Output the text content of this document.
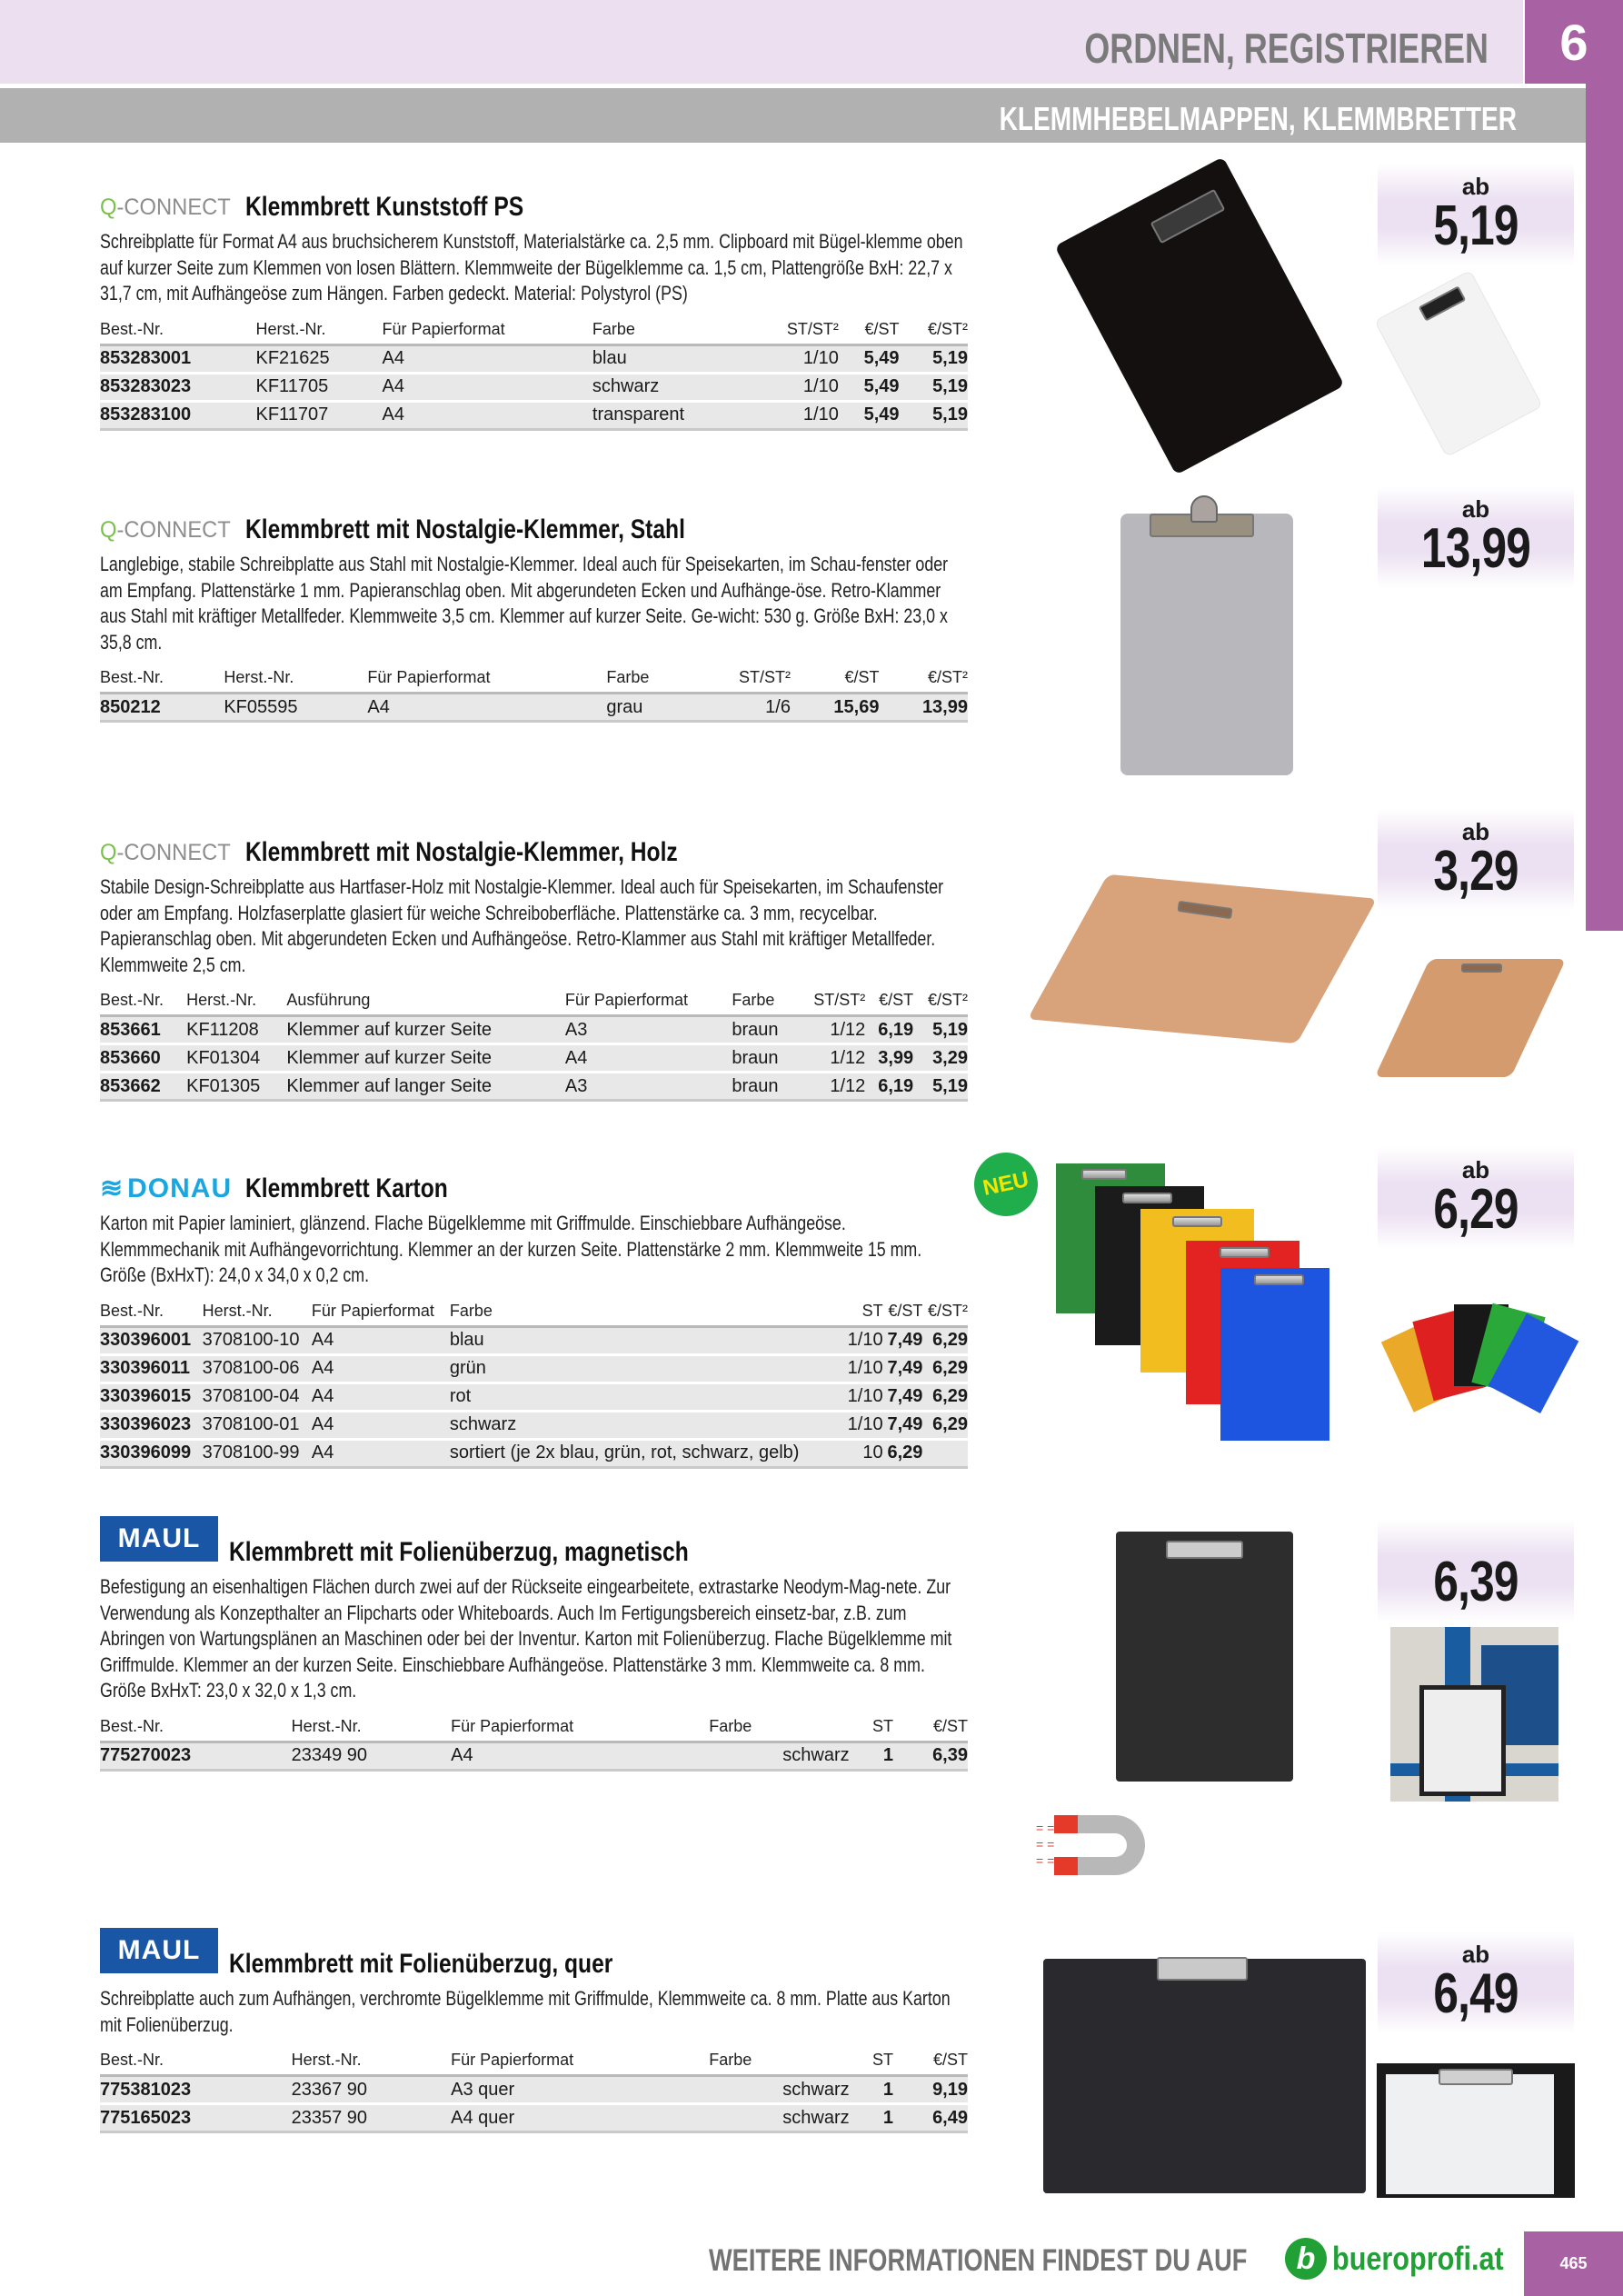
ORDNEN, REGISTRIEREN	6
KLEMMHEBELMAPPEN, KLEMMBRETTER
Q-CONNECT Klemmbrett Kunststoff PS

Schreibplatte für Format A4 aus bruchsicherem Kunststoff, Materialstärke ca. 2,5 mm. Clipboard mit Bügel-klemme oben auf kurzer Seite zum Klemmen von losen Blättern. Klemmweite der Bügelklemme ca. 1,5 cm, Plattengröße BxH: 22,7 x 31,7 cm, mit Aufhängeöse zum Hängen. Farben gedeckt. Material: Polystyrol (PS)

Best.-Nr.	Herst.-Nr.	Für Papierformat	Farbe	ST/ST²	€/ST	€/ST²
853283001	KF21625	A4	blau	1/10	5,49	5,19
853283023	KF11705	A4	schwarz	1/10	5,49	5,19
853283100	KF11707	A4	transparent	1/10	5,49	5,19
Q-CONNECT Klemmbrett mit Nostalgie-Klemmer, Stahl

Langlebige, stabile Schreibplatte aus Stahl mit Nostalgie-Klemmer. Ideal auch für Speisekarten, im Schau-fenster oder am Empfang. Plattenstärke 1 mm. Papieranschlag oben. Mit abgerundeten Ecken und Aufhänge-öse. Retro-Klammer aus Stahl mit kräftiger Metallfeder. Klemmweite 3,5 cm. Klemmer auf kurzer Seite. Ge-wicht: 530 g. Größe BxH: 23,0 x 35,8 cm.

Best.-Nr.	Herst.-Nr.	Für Papierformat	Farbe	ST/ST²	€/ST	€/ST²
850212	KF05595	A4	grau	1/6	15,69	13,99
Q-CONNECT Klemmbrett mit Nostalgie-Klemmer, Holz

Stabile Design-Schreibplatte aus Hartfaser-Holz mit Nostalgie-Klemmer. Ideal auch für Speisekarten, im Schaufenster oder am Empfang. Holzfaserplatte glasiert für weiche Schreiboberfläche. Plattenstärke ca. 3 mm, recycelbar. Papieranschlag oben. Mit abgerundeten Ecken und Aufhängeöse. Retro-Klammer aus Stahl mit kräftiger Metallfeder. Klemmweite 2,5 cm.

Best.-Nr.	Herst.-Nr.	Ausführung	Für Papierformat	Farbe	ST/ST²	€/ST	€/ST²
853661	KF11208	Klemmer auf kurzer Seite	A3	braun	1/12	6,19	5,19
853660	KF01304	Klemmer auf kurzer Seite	A4	braun	1/12	3,99	3,29
853662	KF01305	Klemmer auf langer Seite	A3	braun	1/12	6,19	5,19
≋ DONAU Klemmbrett Karton

Karton mit Papier laminiert, glänzend. Flache Bügelklemme mit Griffmulde. Einschiebbare Aufhängeöse. Klemmmechanik mit Aufhängevorrichtung. Klemmer an der kurzen Seite. Plattenstärke 2 mm. Klemmweite 15 mm. Größe (BxHxT): 24,0 x 34,0 x 0,2 cm.

Best.-Nr.	Herst.-Nr.	Für Papierformat	Farbe	ST	€/ST	€/ST²
330396001	3708100-10	A4	blau	1/10	7,49	6,29
330396011	3708100-06	A4	grün	1/10	7,49	6,29
330396015	3708100-04	A4	rot	1/10	7,49	6,29
330396023	3708100-01	A4	schwarz	1/10	7,49	6,29
330396099	3708100-99	A4	sortiert (je 2x blau, grün, rot, schwarz, gelb)	10	6,29	
MAUL	Klemmbrett mit Folienüberzug, magnetisch

Befestigung an eisenhaltigen Flächen durch zwei auf der Rückseite eingearbeitete, extrastarke Neodym-Mag-nete. Zur Verwendung als Konzepthalter an Flipcharts oder Whiteboards. Auch Im Fertigungsbereich einsetz-bar, z.B. zum Abringen von Wartungsplänen an Maschinen oder bei der Inventur. Karton mit Folienüberzug. Flache Bügelklemme mit Griffmulde. Klemmer an der kurzen Seite. Einschiebbare Aufhängeöse. Plattenstärke 3 mm. Klemmweite ca. 8 mm. Größe BxHxT: 23,0 x 32,0 x 1,3 cm.

Best.-Nr.	Herst.-Nr.	Für Papierformat	Farbe	ST	€/ST
775270023	23349 90	A4	schwarz	1	6,39
MAUL	Klemmbrett mit Folienüberzug, quer

Schreibplatte auch zum Aufhängen, verchromte Bügelklemme mit Griffmulde, Klemmweite ca. 8 mm. Platte aus Karton mit Folienüberzug.

Best.-Nr.	Herst.-Nr.	Für Papierformat	Farbe	ST	€/ST
775381023	23367 90	A3 quer	schwarz	1	9,19
775165023	23357 90	A4 quer	schwarz	1	6,49
ab
5,19
ab
13,99
ab
3,29
ab
6,29
6,39
ab
6,49
NEU
= =
= =
= =
WEITERE INFORMATIONEN FINDEST DU AUF	b bueroprofi.at	465
